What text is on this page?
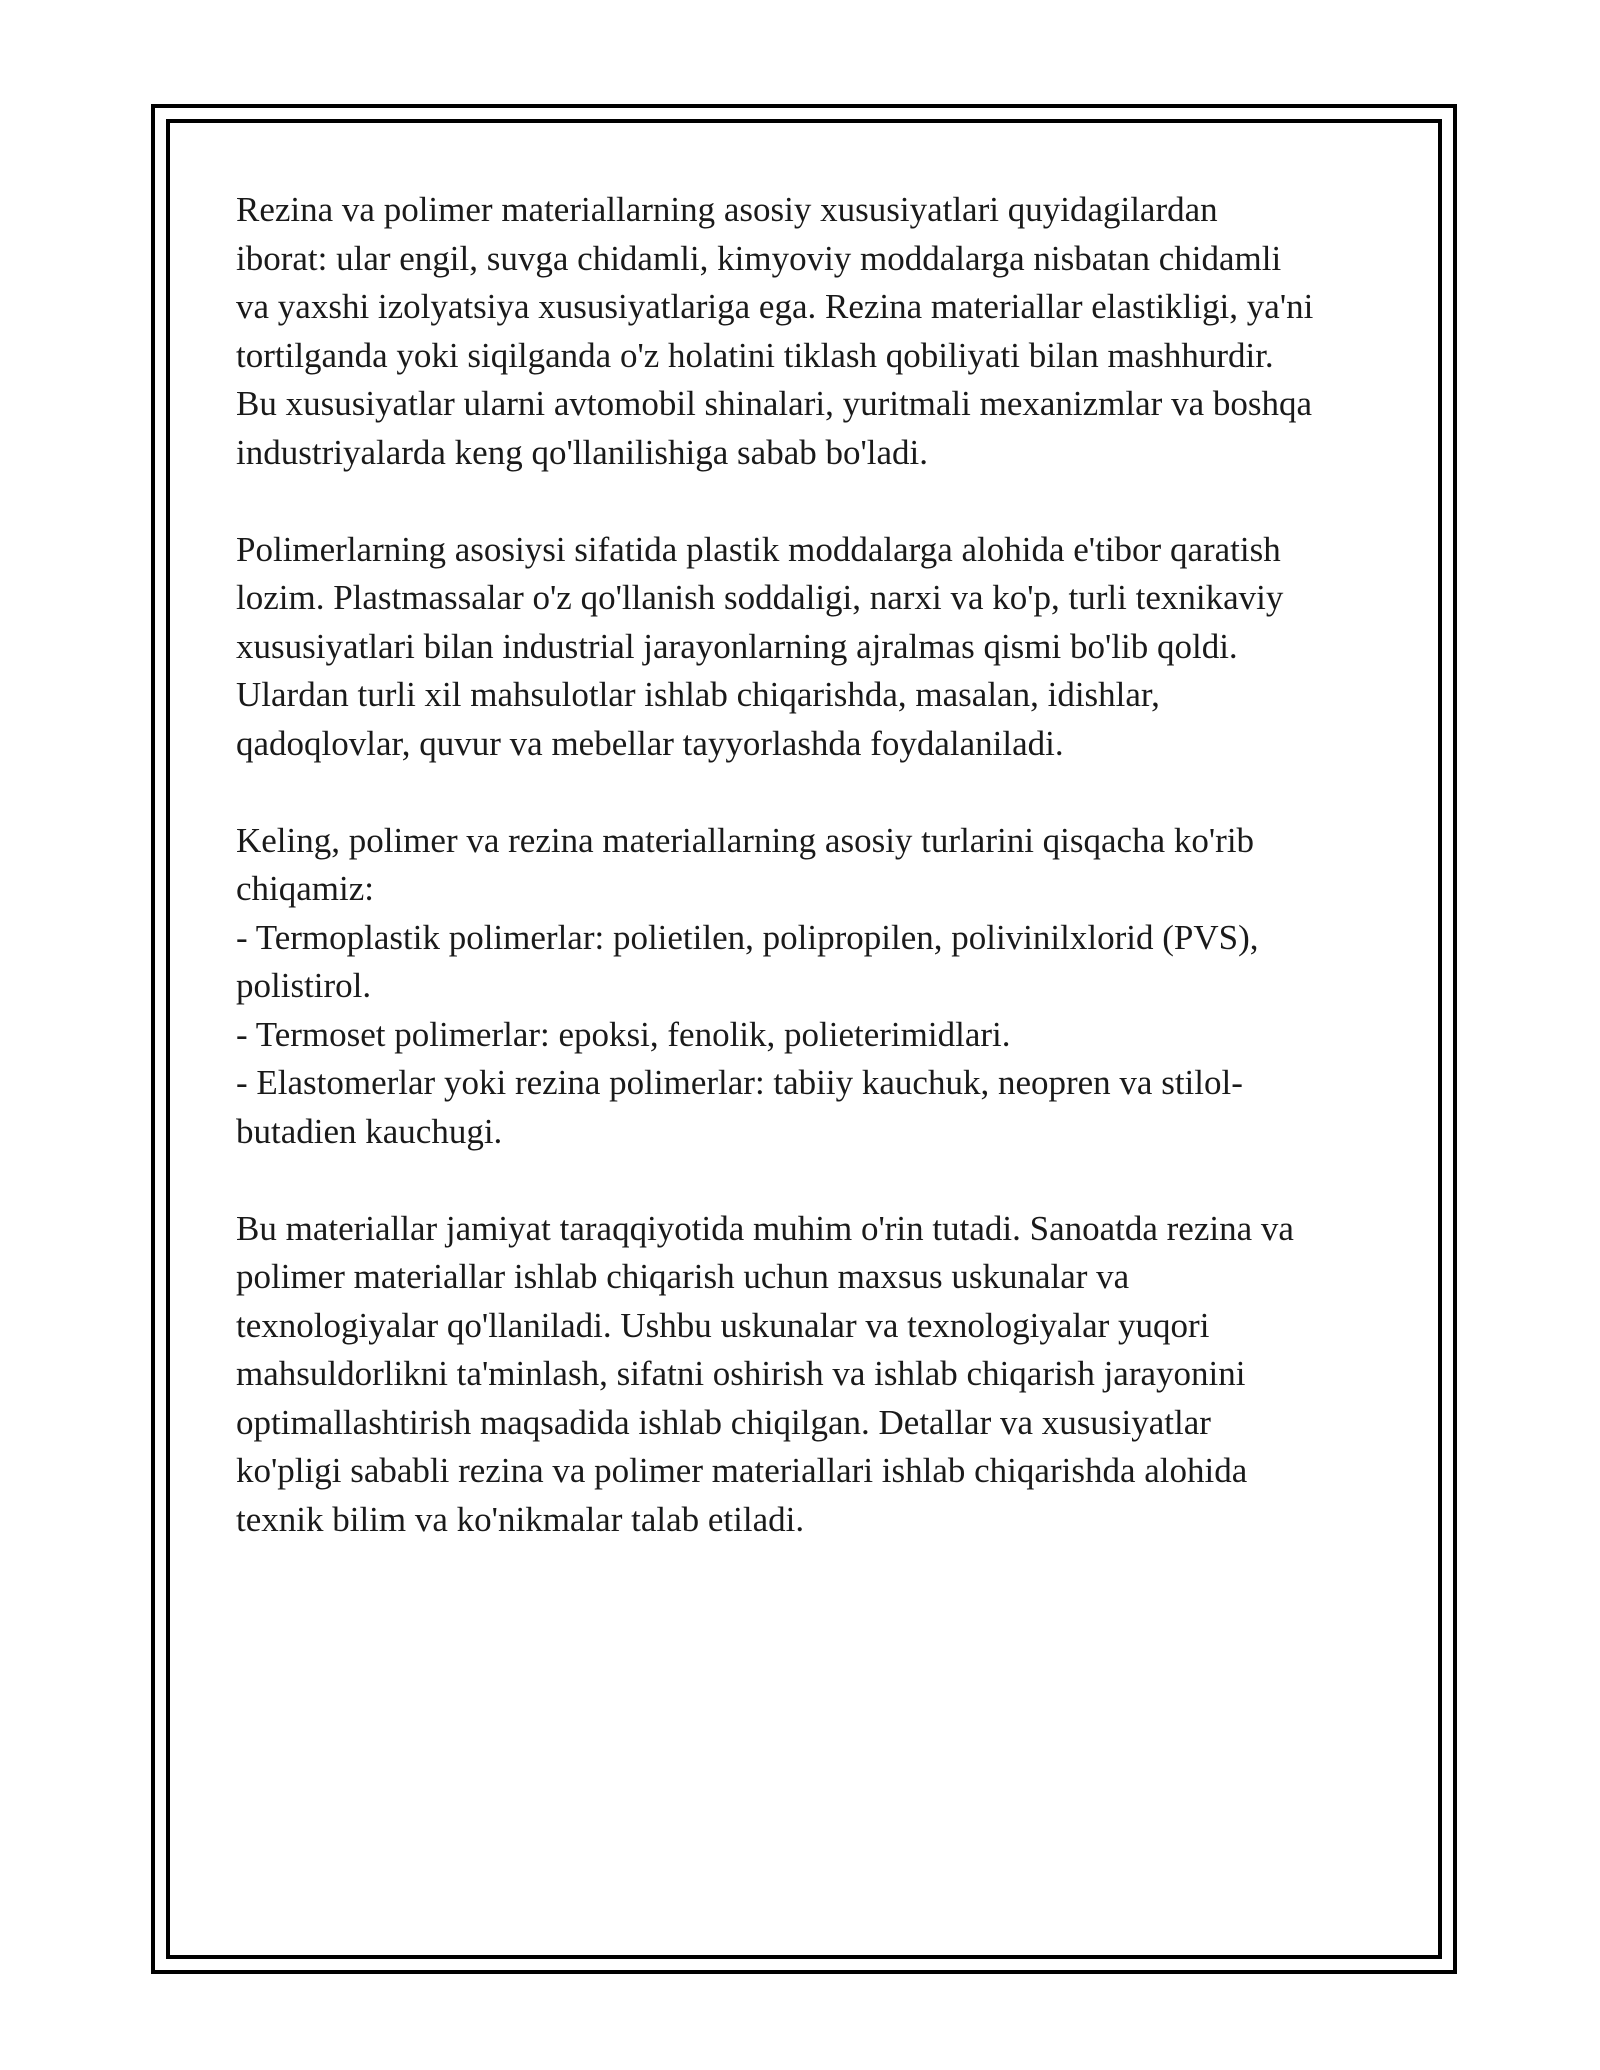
Rezina va polimer materiallarning asosiy xususiyatlari quyidagilardan
iborat: ular engil, suvga chidamli, kimyoviy moddalarga nisbatan chidamli
va yaxshi izolyatsiya xususiyatlariga ega. Rezina materiallar elastikligi, ya'ni
tortilganda yoki siqilganda o'z holatini tiklash qobiliyati bilan mashhurdir.
Bu xususiyatlar ularni avtomobil shinalari, yuritmali mexanizmlar va boshqa
industriyalarda keng qo'llanilishiga sabab bo'ladi.

Polimerlarning asosiysi sifatida plastik moddalarga alohida e'tibor qaratish
lozim. Plastmassalar o'z qo'llanish soddaligi, narxi va ko'p, turli texnikaviy
xususiyatlari bilan industrial jarayonlarning ajralmas qismi bo'lib qoldi.
Ulardan turli xil mahsulotlar ishlab chiqarishda, masalan, idishlar,
qadoqlovlar, quvur va mebellar tayyorlashda foydalaniladi.

Keling, polimer va rezina materiallarning asosiy turlarini qisqacha ko'rib
chiqamiz:
- Termoplastik polimerlar: polietilen, polipropilen, polivinilxlorid (PVS),
polistirol.
- Termoset polimerlar: epoksi, fenolik, polieterimidlari.
- Elastomerlar yoki rezina polimerlar: tabiiy kauchuk, neopren va stilol-
butadien kauchugi.

Bu materiallar jamiyat taraqqiyotida muhim o'rin tutadi. Sanoatda rezina va
polimer materiallar ishlab chiqarish uchun maxsus uskunalar va
texnologiyalar qo'llaniladi. Ushbu uskunalar va texnologiyalar yuqori
mahsuldorlikni ta'minlash, sifatni oshirish va ishlab chiqarish jarayonini
optimallashtirish maqsadida ishlab chiqilgan. Detallar va xususiyatlar
ko'pligi sababli rezina va polimer materiallari ishlab chiqarishda alohida
texnik bilim va ko'nikmalar talab etiladi.
